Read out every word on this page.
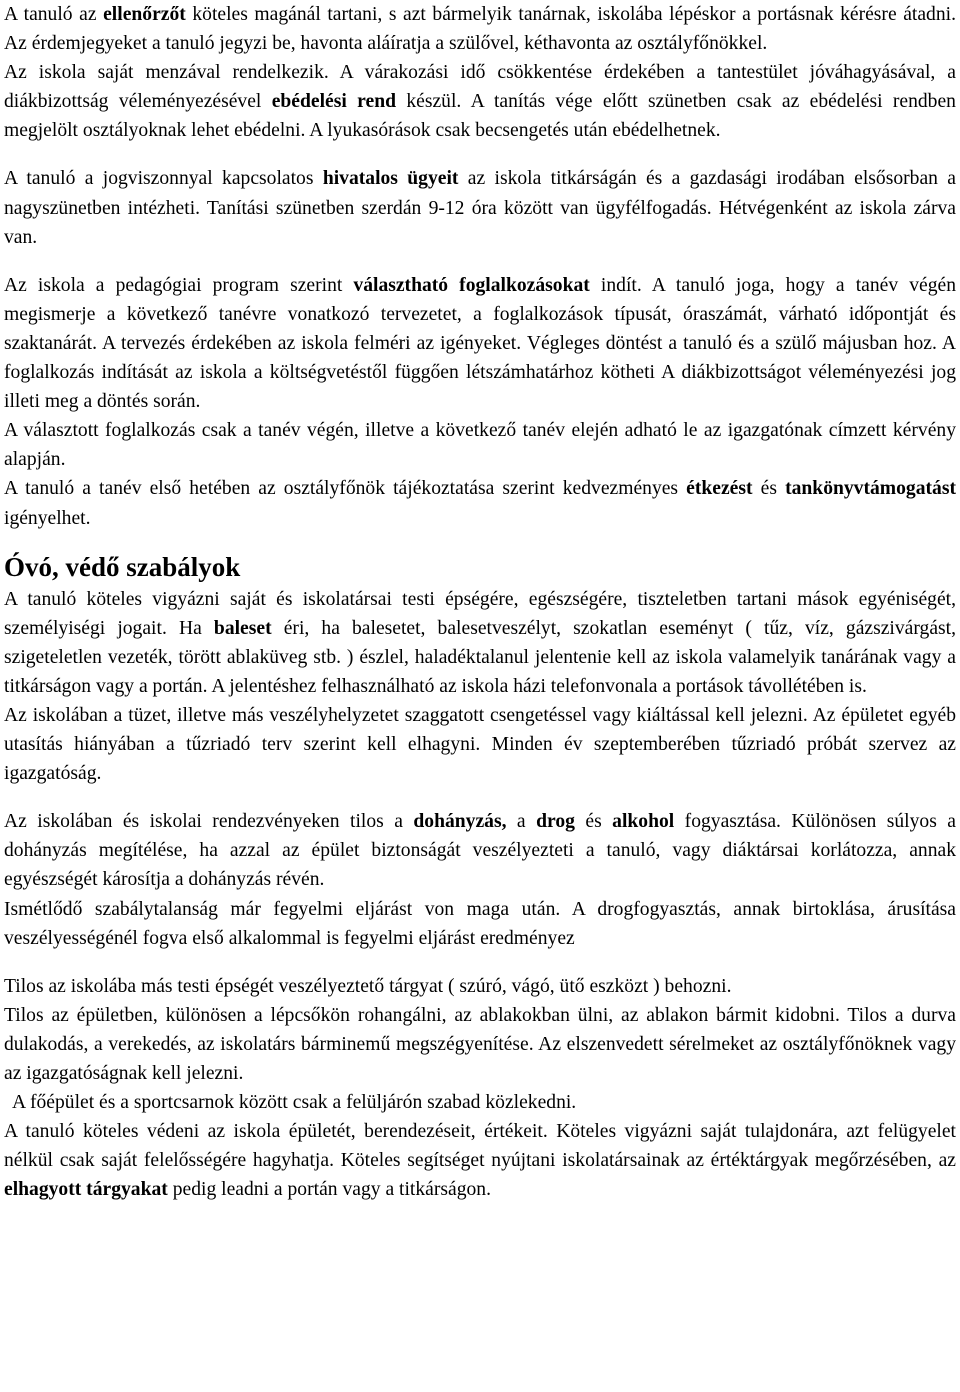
A tanuló az ellenőrzőt köteles magánál tartani, s azt bármelyik tanárnak, iskolába lépéskor a portásnak kérésre átadni. Az érdemjegyeket a tanuló jegyzi be, havonta aláíratja a szülővel, kéthavonta az osztályfőnökkel.

Az iskola saját menzával rendelkezik. A várakozási idő csökkentése érdekében a tantestület jóváhagyásával, a diákbizottság véleményezésével ebédelési rend készül. A tanítás vége előtt szünetben csak az ebédelési rendben megjelölt osztályoknak lehet ebédelni. A lyukasórások csak becsengetés után ebédelhetnek.

A tanuló a jogviszonnyal kapcsolatos hivatalos ügyeit az iskola titkárságán és a gazdasági irodában elsősorban a nagyszünetben intézheti. Tanítási szünetben szerdán 9-12 óra között van ügyfélfogadás. Hétvégenként az iskola zárva van.

Az iskola a pedagógiai program szerint választható foglalkozásokat indít. A tanuló joga, hogy a tanév végén megismerje a következő tanévre vonatkozó tervezetet, a foglalkozások típusát, óraszámát, várható időpontját és szaktanárát. A tervezés érdekében az iskola felméri az igényeket. Végleges döntést a tanuló és a szülő májusban hoz. A foglalkozás indítását az iskola a költségvetéstől függően létszámhatárhoz kötheti A diákbizottságot véleményezési jog illeti meg a döntés során.

A választott foglalkozás csak a tanév végén, illetve a következő tanév elején adható le az igazgatónak címzett kérvény alapján.

A tanuló a tanév első hetében az osztályfőnök tájékoztatása szerint kedvezményes étkezést és tankönyvtámogatást igényelhet.

Óvó, védő szabályok

A tanuló köteles vigyázni saját és iskolatársai testi épségére, egészségére, tiszteletben tartani mások egyéniségét, személyiségi jogait. Ha baleset éri, ha balesetet, balesetveszélyt, szokatlan eseményt ( tűz, víz, gázszivárgást, szigeteletlen vezeték, törött ablaküveg stb. ) észlel, haladéktalanul jelentenie kell az iskola valamelyik tanárának vagy a titkárságon vagy a portán. A jelentéshez felhasználható az iskola házi telefonvonala a portások távollétében is.

Az iskolában a tüzet, illetve más veszélyhelyzetet szaggatott csengetéssel vagy kiáltással kell jelezni. Az épületet egyéb utasítás hiányában a tűzriadó terv szerint kell elhagyni. Minden év szeptemberében tűzriadó próbát szervez az igazgatóság.

Az iskolában és iskolai rendezvényeken tilos a dohányzás, a drog és alkohol fogyasztása. Különösen súlyos a dohányzás megítélése, ha azzal az épület biztonságát veszélyezteti a tanuló, vagy diáktársai korlátozza, annak egyészségét károsítja a dohányzás révén.

Ismétlődő szabálytalanság már fegyelmi eljárást von maga után. A drogfogyasztás, annak birtoklása, árusítása veszélyességénél fogva első alkalommal is fegyelmi eljárást eredményez

Tilos az iskolába más testi épségét veszélyeztető tárgyat ( szúró, vágó, ütő eszközt ) behozni.

Tilos az épületben, különösen a lépcsőkön rohangálni, az ablakokban ülni, az ablakon bármit kidobni. Tilos a durva dulakodás, a verekedés, az iskolatárs bárminemű megszégyenítése. Az elszenvedett sérelmeket az osztályfőnöknek vagy az igazgatóságnak kell jelezni.

A főépület és a sportcsarnok között csak a felüljárón szabad közlekedni.

A tanuló köteles védeni az iskola épületét, berendezéseit, értékeit. Köteles vigyázni saját tulajdonára, azt felügyelet nélkül csak saját felelősségére hagyhatja. Köteles segítséget nyújtani iskolatársainak az értéktárgyak megőrzésében, az elhagyott tárgyakat pedig leadni a portán vagy a titkárságon.
